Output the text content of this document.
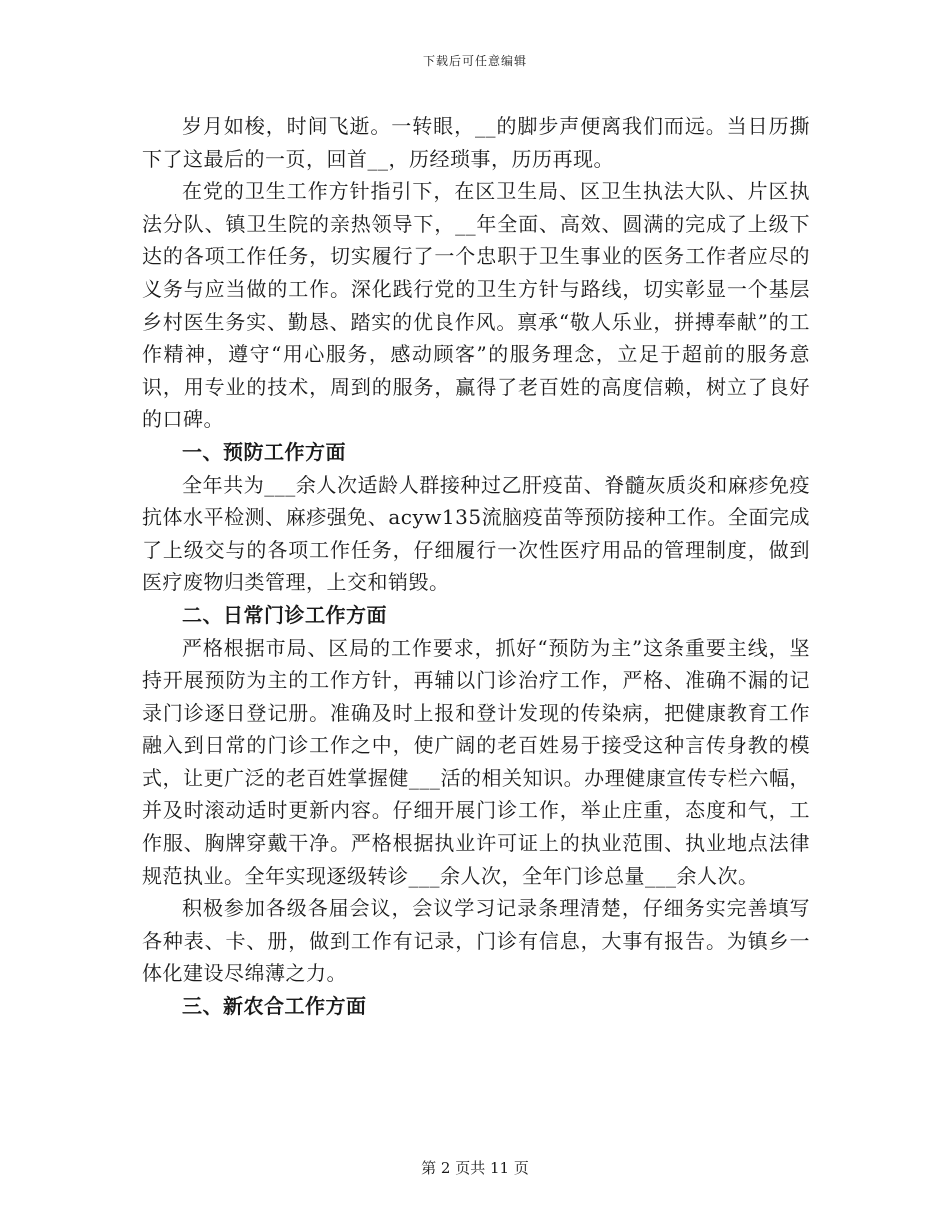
下载后可任意编辑

岁月如梭，时间飞逝。一转眼，__的脚步声便离我们而远。当日历撕下了这最后的一页，回首__，历经琐事，历历再现。

在党的卫生工作方针指引下，在区卫生局、区卫生执法大队、片区执法分队、镇卫生院的亲热领导下，__年全面、高效、圆满的完成了上级下达的各项工作任务，切实履行了一个忠职于卫生事业的医务工作者应尽的义务与应当做的工作。深化践行党的卫生方针与路线，切实彰显一个基层乡村医生务实、勤恳、踏实的优良作风。禀承“敬人乐业，拼搏奉献”的工作精神，遵守“用心服务，感动顾客”的服务理念，立足于超前的服务意识，用专业的技术，周到的服务，赢得了老百姓的高度信赖，树立了良好的口碑。

一、预防工作方面

全年共为___余人次适龄人群接种过乙肝疫苗、脊髓灰质炎和麻疹免疫抗体水平检测、麻疹强免、acyw135流脑疫苗等预防接种工作。全面完成了上级交与的各项工作任务，仔细履行一次性医疗用品的管理制度，做到医疗废物归类管理，上交和销毁。

二、日常门诊工作方面

严格根据市局、区局的工作要求，抓好“预防为主”这条重要主线，坚持开展预防为主的工作方针，再辅以门诊治疗工作，严格、准确不漏的记录门诊逐日登记册。准确及时上报和登计发现的传染病，把健康教育工作融入到日常的门诊工作之中，使广阔的老百姓易于接受这种言传身教的模式，让更广泛的老百姓掌握健___活的相关知识。办理健康宣传专栏六幅，并及时滚动适时更新内容。仔细开展门诊工作，举止庄重，态度和气，工作服、胸牌穿戴干净。严格根据执业许可证上的执业范围、执业地点法律规范执业。全年实现逐级转诊___余人次，全年门诊总量___余人次。

积极参加各级各届会议，会议学习记录条理清楚，仔细务实完善填写各种表、卡、册，做到工作有记录，门诊有信息，大事有报告。为镇乡一体化建设尽绵薄之力。

三、新农合工作方面

第 2 页共 11 页
